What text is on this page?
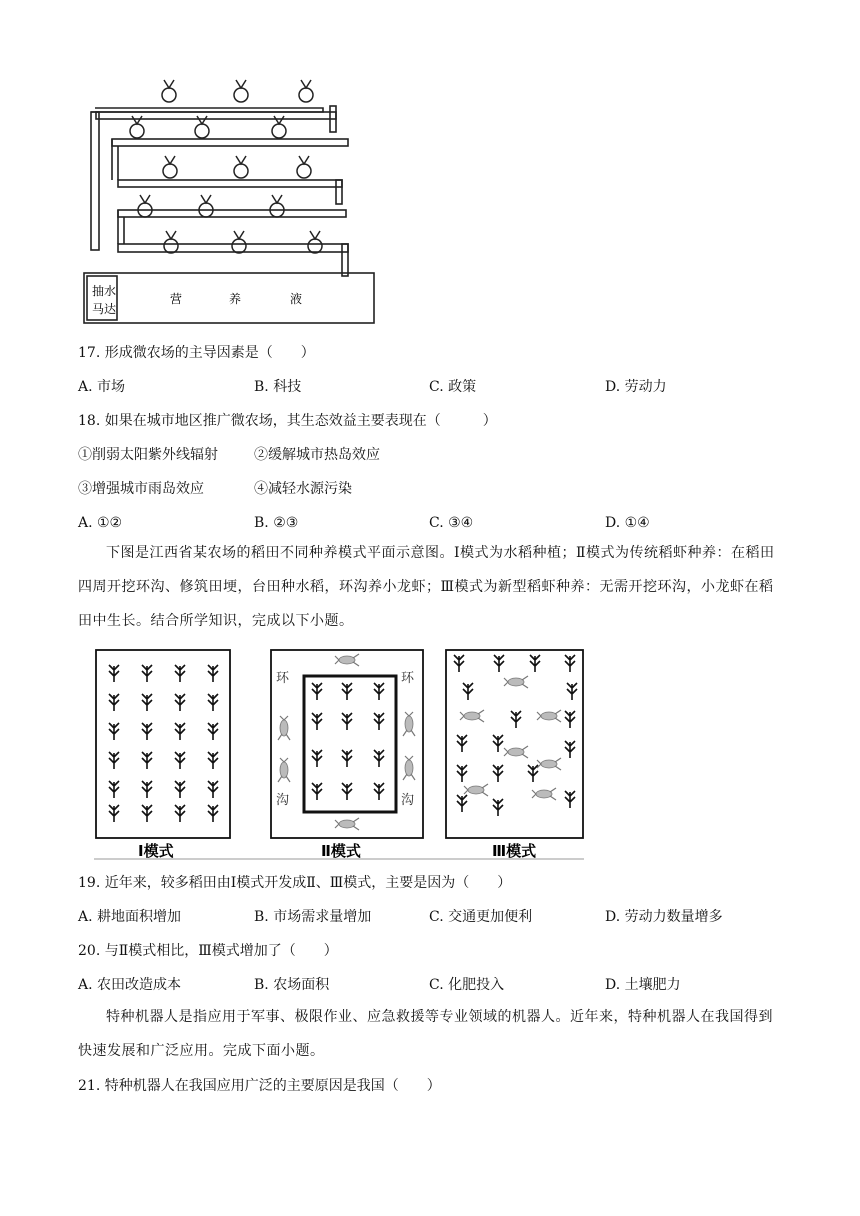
抽水
马达
营	养	液
17. 形成微农场的主导因素是（　　）
A. 市场	B. 科技	C. 政策	D. 劳动力
18. 如果在城市地区推广微农场，其生态效益主要表现在（　　　）
①削弱太阳紫外线辐射	②缓解城市热岛效应
③增强城市雨岛效应	④减轻水源污染
A. ①②	B. ②③	C. ③④	D. ①④
下图是江西省某农场的稻田不同种养模式平面示意图。Ⅰ模式为水稻种植；Ⅱ模式为传统稻虾种养：在稻田四周开挖环沟、修筑田埂，台田种水稻，环沟养小龙虾；Ⅲ模式为新型稻虾种养：无需开挖环沟，小龙虾在稻田中生长。结合所学知识，完成以下小题。
环
沟
环
沟
Ⅰ模式	Ⅱ模式	Ⅲ模式
19. 近年来，较多稻田由Ⅰ模式开发成Ⅱ、Ⅲ模式，主要是因为（　　）
A. 耕地面积增加	B. 市场需求量增加	C. 交通更加便利	D. 劳动力数量增多
20. 与Ⅱ模式相比，Ⅲ模式增加了（　　）
A. 农田改造成本	B. 农场面积	C. 化肥投入	D. 土壤肥力
特种机器人是指应用于军事、极限作业、应急救援等专业领域的机器人。近年来，特种机器人在我国得到快速发展和广泛应用。完成下面小题。
21. 特种机器人在我国应用广泛的主要原因是我国（　　）
